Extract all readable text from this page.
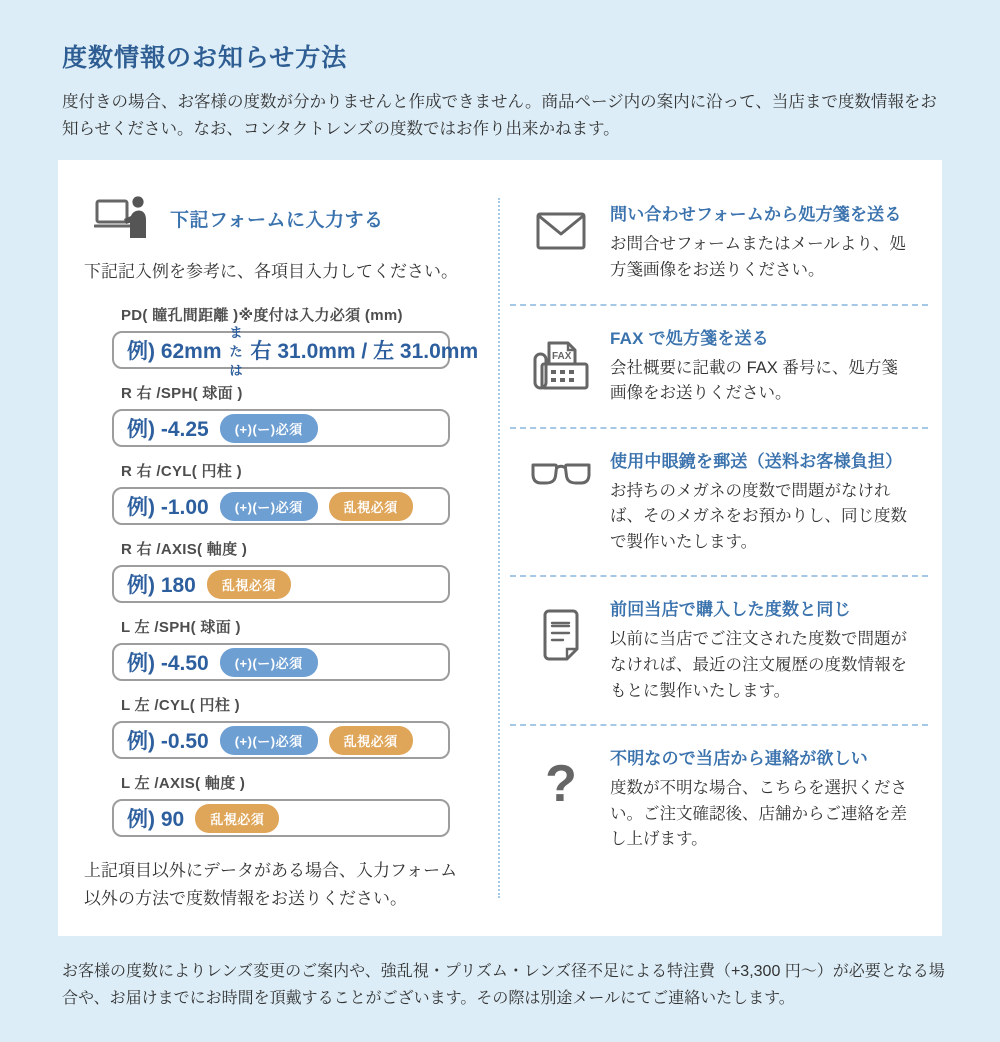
度数情報のお知らせ方法

度付きの場合、お客様の度数が分かりませんと作成できません。商品ページ内の案内に沿って、当店まで度数情報をお知らせください。なお、コンタクトレンズの度数ではお作り出来かねます。

下記フォームに入力する

下記記入例を参考に、各項目入力してください。

PD( 瞳孔間距離 )※度付は入力必須 (mm)
例) 62mm
または
右 31.0mm / 左 31.0mm
R 右 /SPH( 球面 )
例) -4.25	(+)(ー)必須
R 右 /CYL( 円柱 )
例) -1.00	(+)(ー)必須	乱視必須
R 右 /AXIS( 軸度 )
例) 180	乱視必須
L 左 /SPH( 球面 )
例) -4.50	(+)(ー)必須
L 左 /CYL( 円柱 )
例) -0.50	(+)(ー)必須	乱視必須
L 左 /AXIS( 軸度 )
例) 90	乱視必須

上記項目以外にデータがある場合、入力フォーム以外の方法で度数情報をお送りください。

問い合わせフォームから処方箋を送る
お問合せフォームまたはメールより、処方箋画像をお送りください。
FAX
FAX で処方箋を送る
会社概要に記載の FAX 番号に、処方箋画像をお送りください。
使用中眼鏡を郵送（送料お客様負担）
お持ちのメガネの度数で問題がなければ、そのメガネをお預かりし、同じ度数で製作いたします。
前回当店で購入した度数と同じ
以前に当店でご注文された度数で問題がなければ、最近の注文履歴の度数情報をもとに製作いたします。
? 不明なので当店から連絡が欲しい
度数が不明な場合、こちらを選択ください。ご注文確認後、店舗からご連絡を差し上げます。

お客様の度数によりレンズ変更のご案内や、強乱視・プリズム・レンズ径不足による特注費（+3,300 円〜）が必要となる場合や、お届けまでにお時間を頂戴することがございます。その際は別途メールにてご連絡いたします。
